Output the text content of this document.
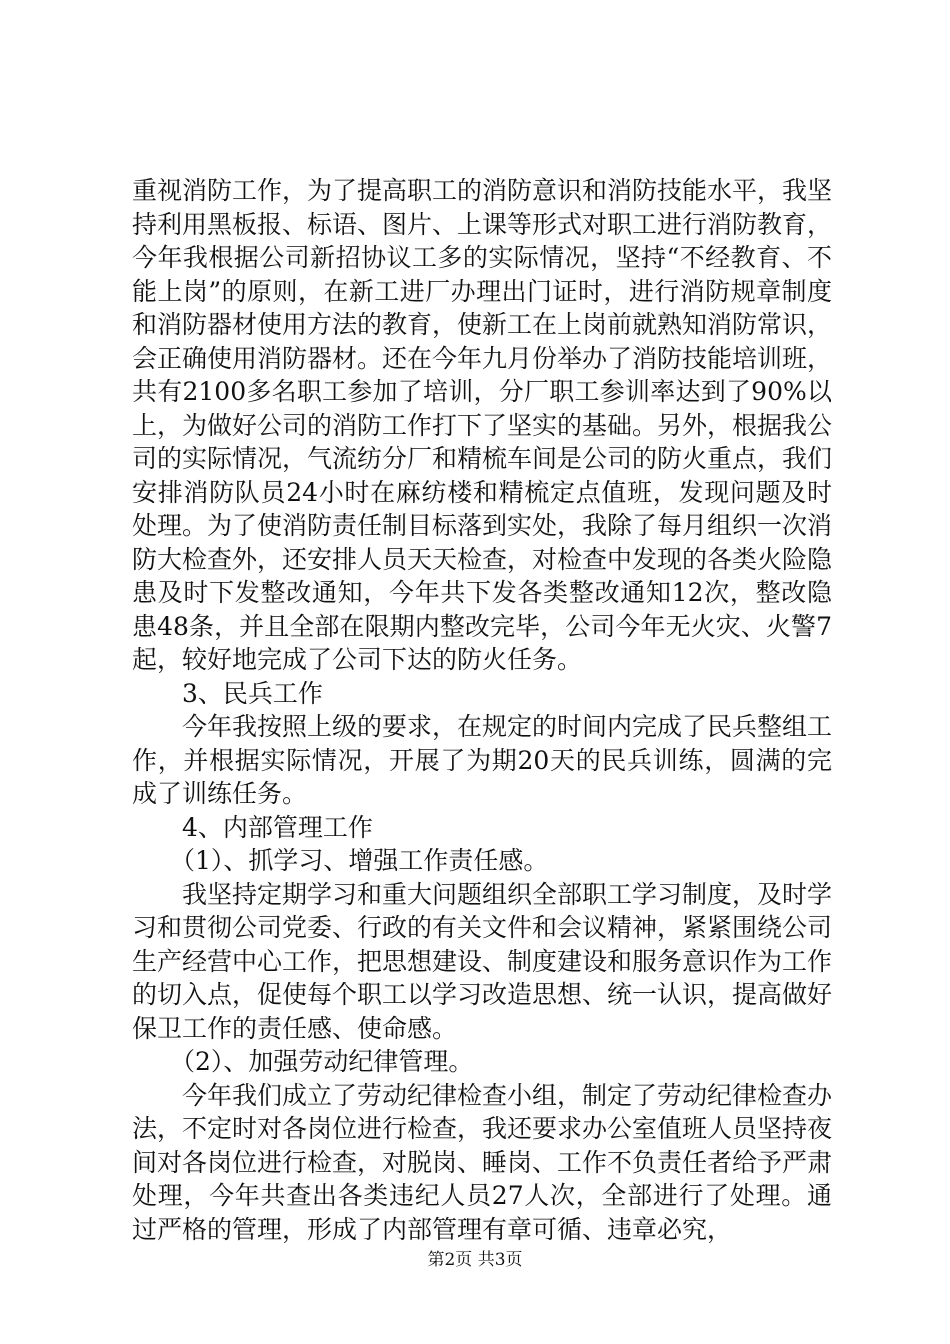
重视消防工作，为了提高职工的消防意识和消防技能水平，我坚持利用黑板报、标语、图片、上课等形式对职工进行消防教育，今年我根据公司新招协议工多的实际情况，坚持“不经教育、不能上岗”的原则，在新工进厂办理出门证时，进行消防规章制度和消防器材使用方法的教育，使新工在上岗前就熟知消防常识，会正确使用消防器材。还在今年九月份举办了消防技能培训班，共有2100多名职工参加了培训，分厂职工参训率达到了90%以上，为做好公司的消防工作打下了坚实的基础。另外，根据我公司的实际情况，气流纺分厂和精梳车间是公司的防火重点，我们安排消防队员24小时在麻纺楼和精梳定点值班，发现问题及时处理。为了使消防责任制目标落到实处，我除了每月组织一次消防大检查外，还安排人员天天检查，对检查中发现的各类火险隐患及时下发整改通知，今年共下发各类整改通知12次，整改隐患48条，并且全部在限期内整改完毕，公司今年无火灾、火警7起，较好地完成了公司下达的防火任务。

3、民兵工作

今年我按照上级的要求，在规定的时间内完成了民兵整组工作，并根据实际情况，开展了为期20天的民兵训练，圆满的完成了训练任务。

4、内部管理工作

（1）、抓学习、增强工作责任感。

我坚持定期学习和重大问题组织全部职工学习制度，及时学习和贯彻公司党委、行政的有关文件和会议精神，紧紧围绕公司生产经营中心工作，把思想建设、制度建设和服务意识作为工作的切入点，促使每个职工以学习改造思想、统一认识，提高做好保卫工作的责任感、使命感。

（2）、加强劳动纪律管理。

今年我们成立了劳动纪律检查小组，制定了劳动纪律检查办法，不定时对各岗位进行检查，我还要求办公室值班人员坚持夜间对各岗位进行检查，对脱岗、睡岗、工作不负责任者给予严肃处理，今年共查出各类违纪人员27人次，全部进行了处理。通过严格的管理，形成了内部管理有章可循、违章必究，

第2页 共3页
